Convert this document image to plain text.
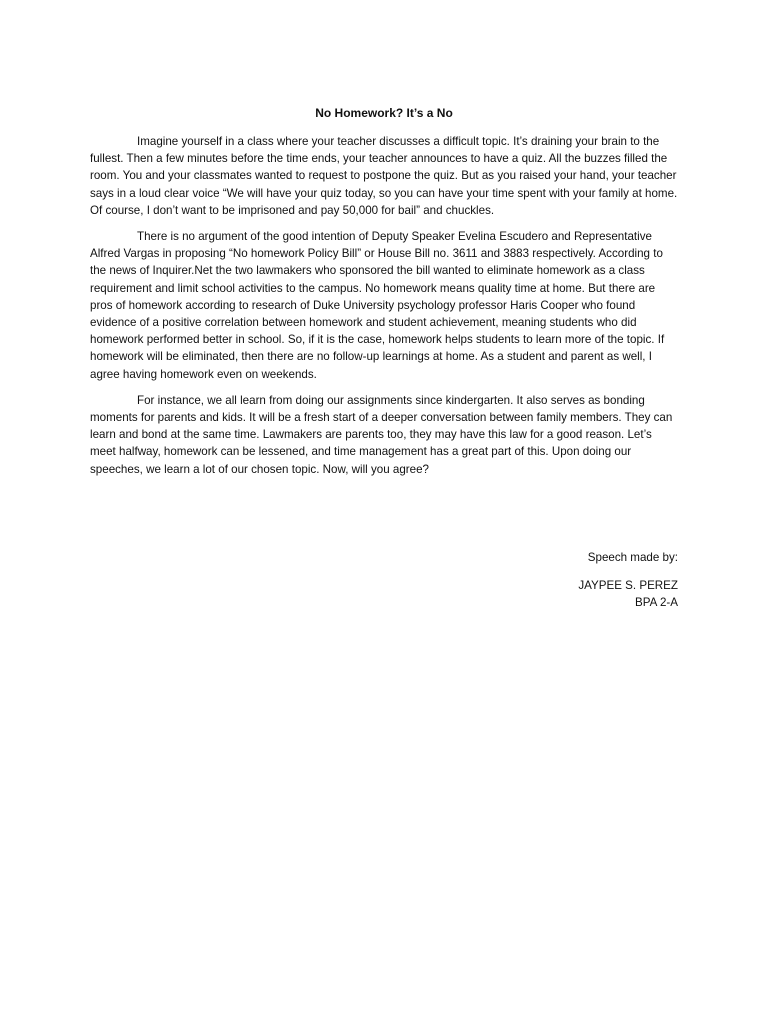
No Homework? It’s a No

Imagine yourself in a class where your teacher discusses a difficult topic. It’s draining your brain to the fullest. Then a few minutes before the time ends, your teacher announces to have a quiz. All the buzzes filled the room. You and your classmates wanted to request to postpone the quiz. But as you raised your hand, your teacher says in a loud clear voice “We will have your quiz today, so you can have your time spent with your family at home. Of course, I don’t want to be imprisoned and pay 50,000 for bail” and chuckles.

There is no argument of the good intention of Deputy Speaker Evelina Escudero and Representative Alfred Vargas in proposing “No homework Policy Bill” or House Bill no. 3611 and 3883 respectively. According to the news of Inquirer.Net the two lawmakers who sponsored the bill wanted to eliminate homework as a class requirement and limit school activities to the campus. No homework means quality time at home. But there are pros of homework according to research of Duke University psychology professor Haris Cooper who found evidence of a positive correlation between homework and student achievement, meaning students who did homework performed better in school. So, if it is the case, homework helps students to learn more of the topic. If homework will be eliminated, then there are no follow-up learnings at home. As a student and parent as well, I agree having homework even on weekends.

For instance, we all learn from doing our assignments since kindergarten. It also serves as bonding moments for parents and kids. It will be a fresh start of a deeper conversation between family members. They can learn and bond at the same time. Lawmakers are parents too, they may have this law for a good reason. Let’s meet halfway, homework can be lessened, and time management has a great part of this. Upon doing our speeches, we learn a lot of our chosen topic. Now, will you agree?

Speech made by:
JAYPEE S. PEREZ
BPA 2-A
